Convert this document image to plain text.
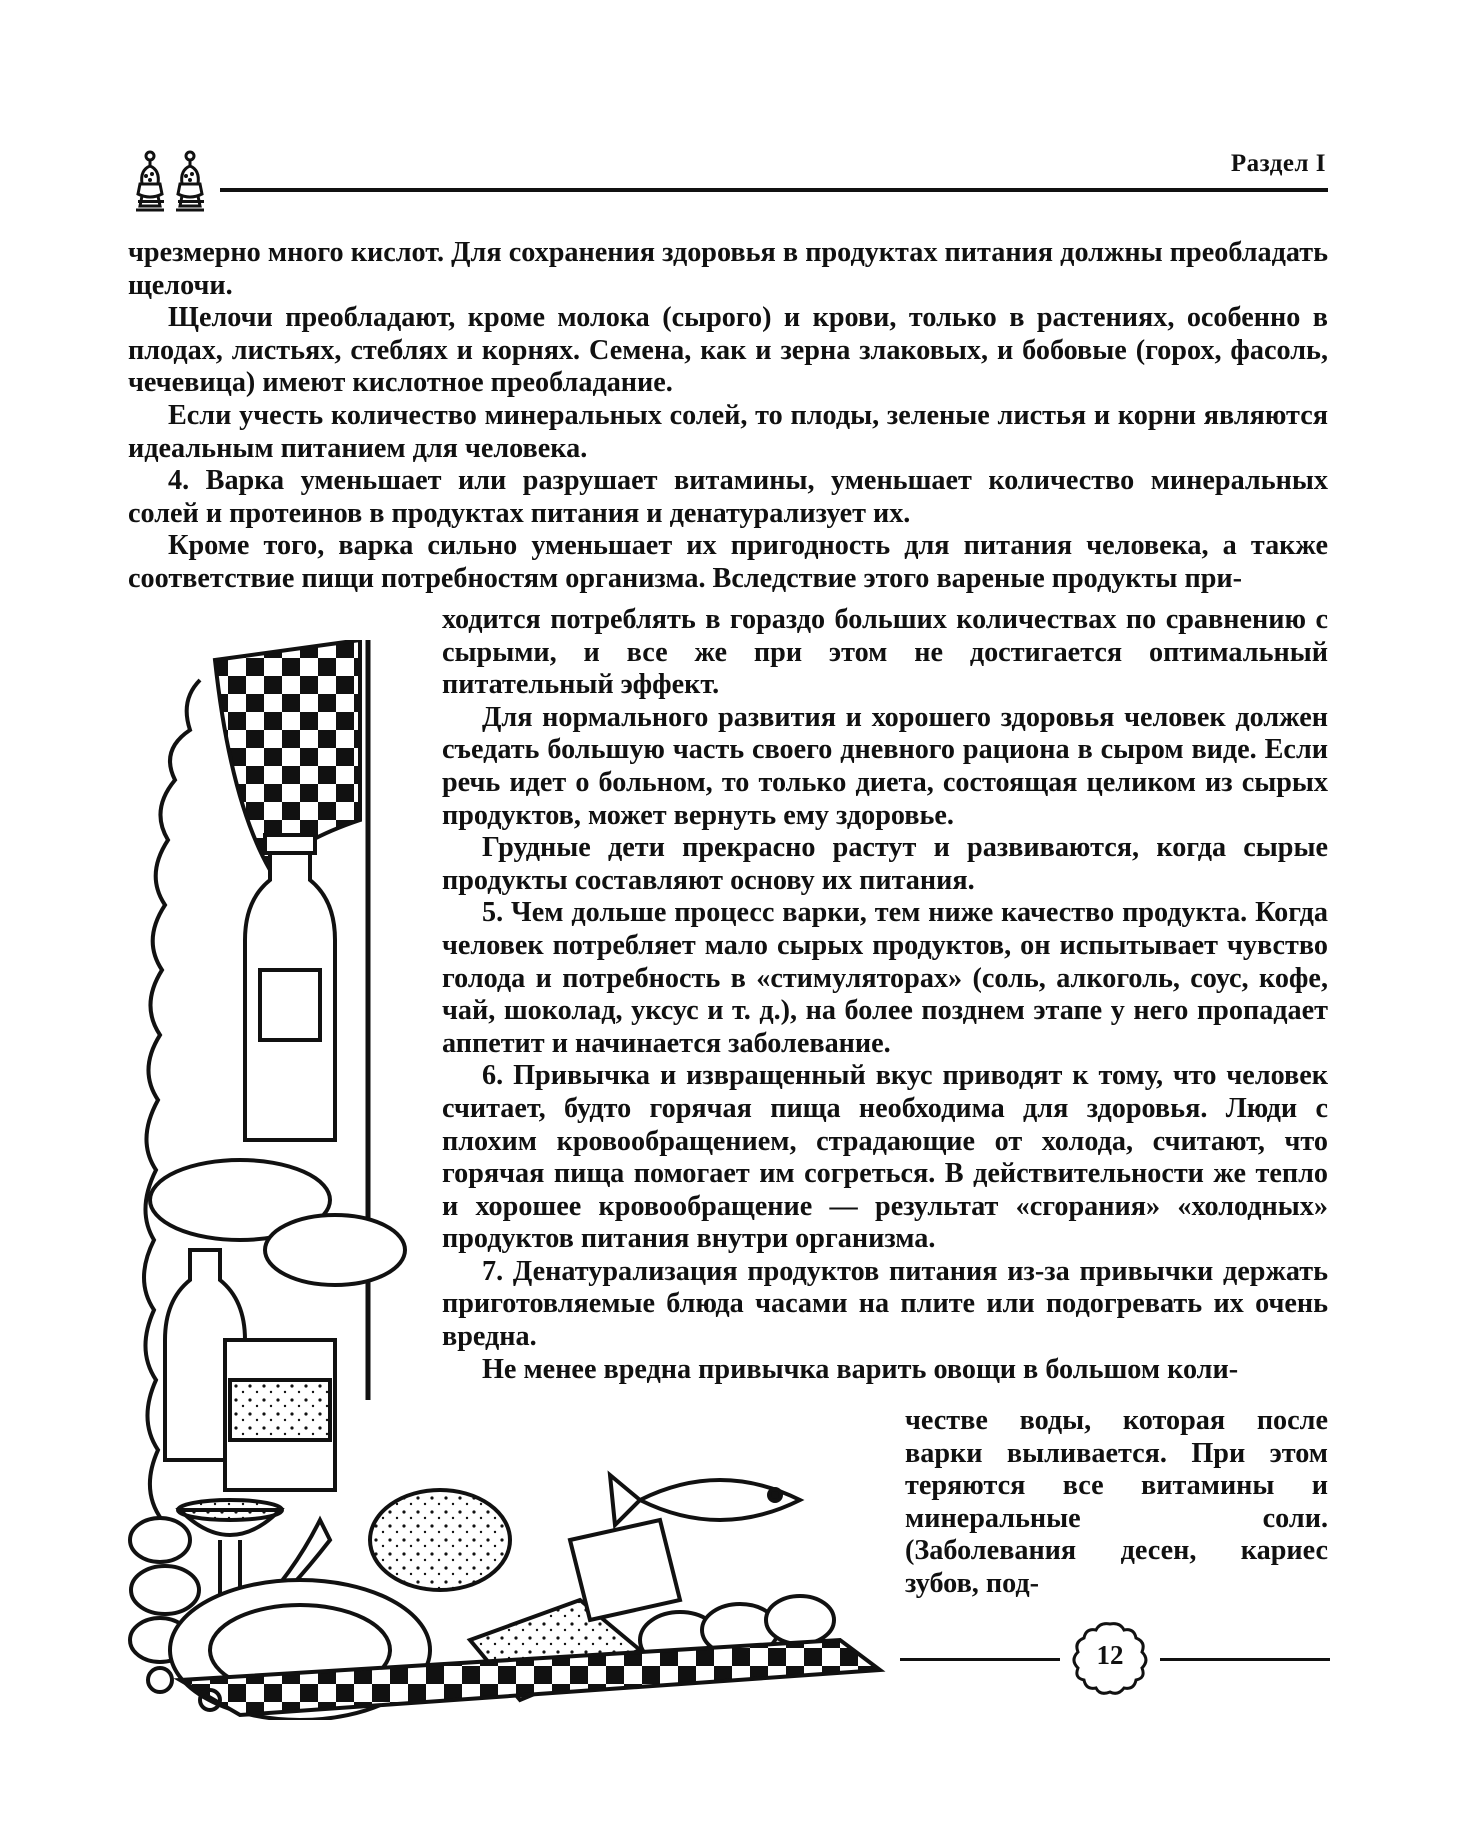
Раздел I

чрезмерно много кислот. Для сохранения здоровья в продуктах питания должны преобладать щелочи.

Щелочи преобладают, кроме молока (сырого) и крови, только в растениях, особенно в плодах, листьях, стеблях и корнях. Семена, как и зерна злаковых, и бобовые (горох, фасоль, чечевица) имеют кислотное преобладание.

Если учесть количество минеральных солей, то плоды, зеленые листья и корни являются идеальным питанием для человека.

4. Варка уменьшает или разрушает витамины, уменьшает количество минеральных солей и протеинов в продуктах питания и денатурализует их.

Кроме того, варка сильно уменьшает их пригодность для питания человека, а также соответствие пищи потребностям организма. Вследствие этого вареные продукты при-

ходится потреблять в гораздо больших количествах по сравнению с сырыми, и все же при этом не достигается оптимальный питательный эффект.

Для нормального развития и хорошего здоровья человек должен съедать большую часть своего дневного рациона в сыром виде. Если речь идет о больном, то только диета, состоящая целиком из сырых продуктов, может вернуть ему здоровье.

Грудные дети прекрасно растут и развиваются, когда сырые продукты составляют основу их питания.

5. Чем дольше процесс варки, тем ниже качество продукта. Когда человек потребляет мало сырых продуктов, он испытывает чувство голода и потребность в «стимуляторах» (соль, алкоголь, соус, кофе, чай, шоколад, уксус и т. д.), на более позднем этапе у него пропадает аппетит и начинается заболевание.

6. Привычка и извращенный вкус приводят к тому, что человек считает, будто горячая пища необходима для здоровья. Люди с плохим кровообращением, страдающие от холода, считают, что горячая пища помогает им согреться. В действительности же тепло и хорошее кровообращение — результат «сгорания» «холодных» продуктов питания внутри организма.

7. Денатурализация продуктов питания из-за привычки держать приготовляемые блюда часами на плите или подогревать их очень вредна.

Не менее вредна привычка варить овощи в большом коли-

честве воды, которая после варки выливается. При этом теряются все витамины и минеральные соли. (Заболевания десен, кариес зубов, под-

12
